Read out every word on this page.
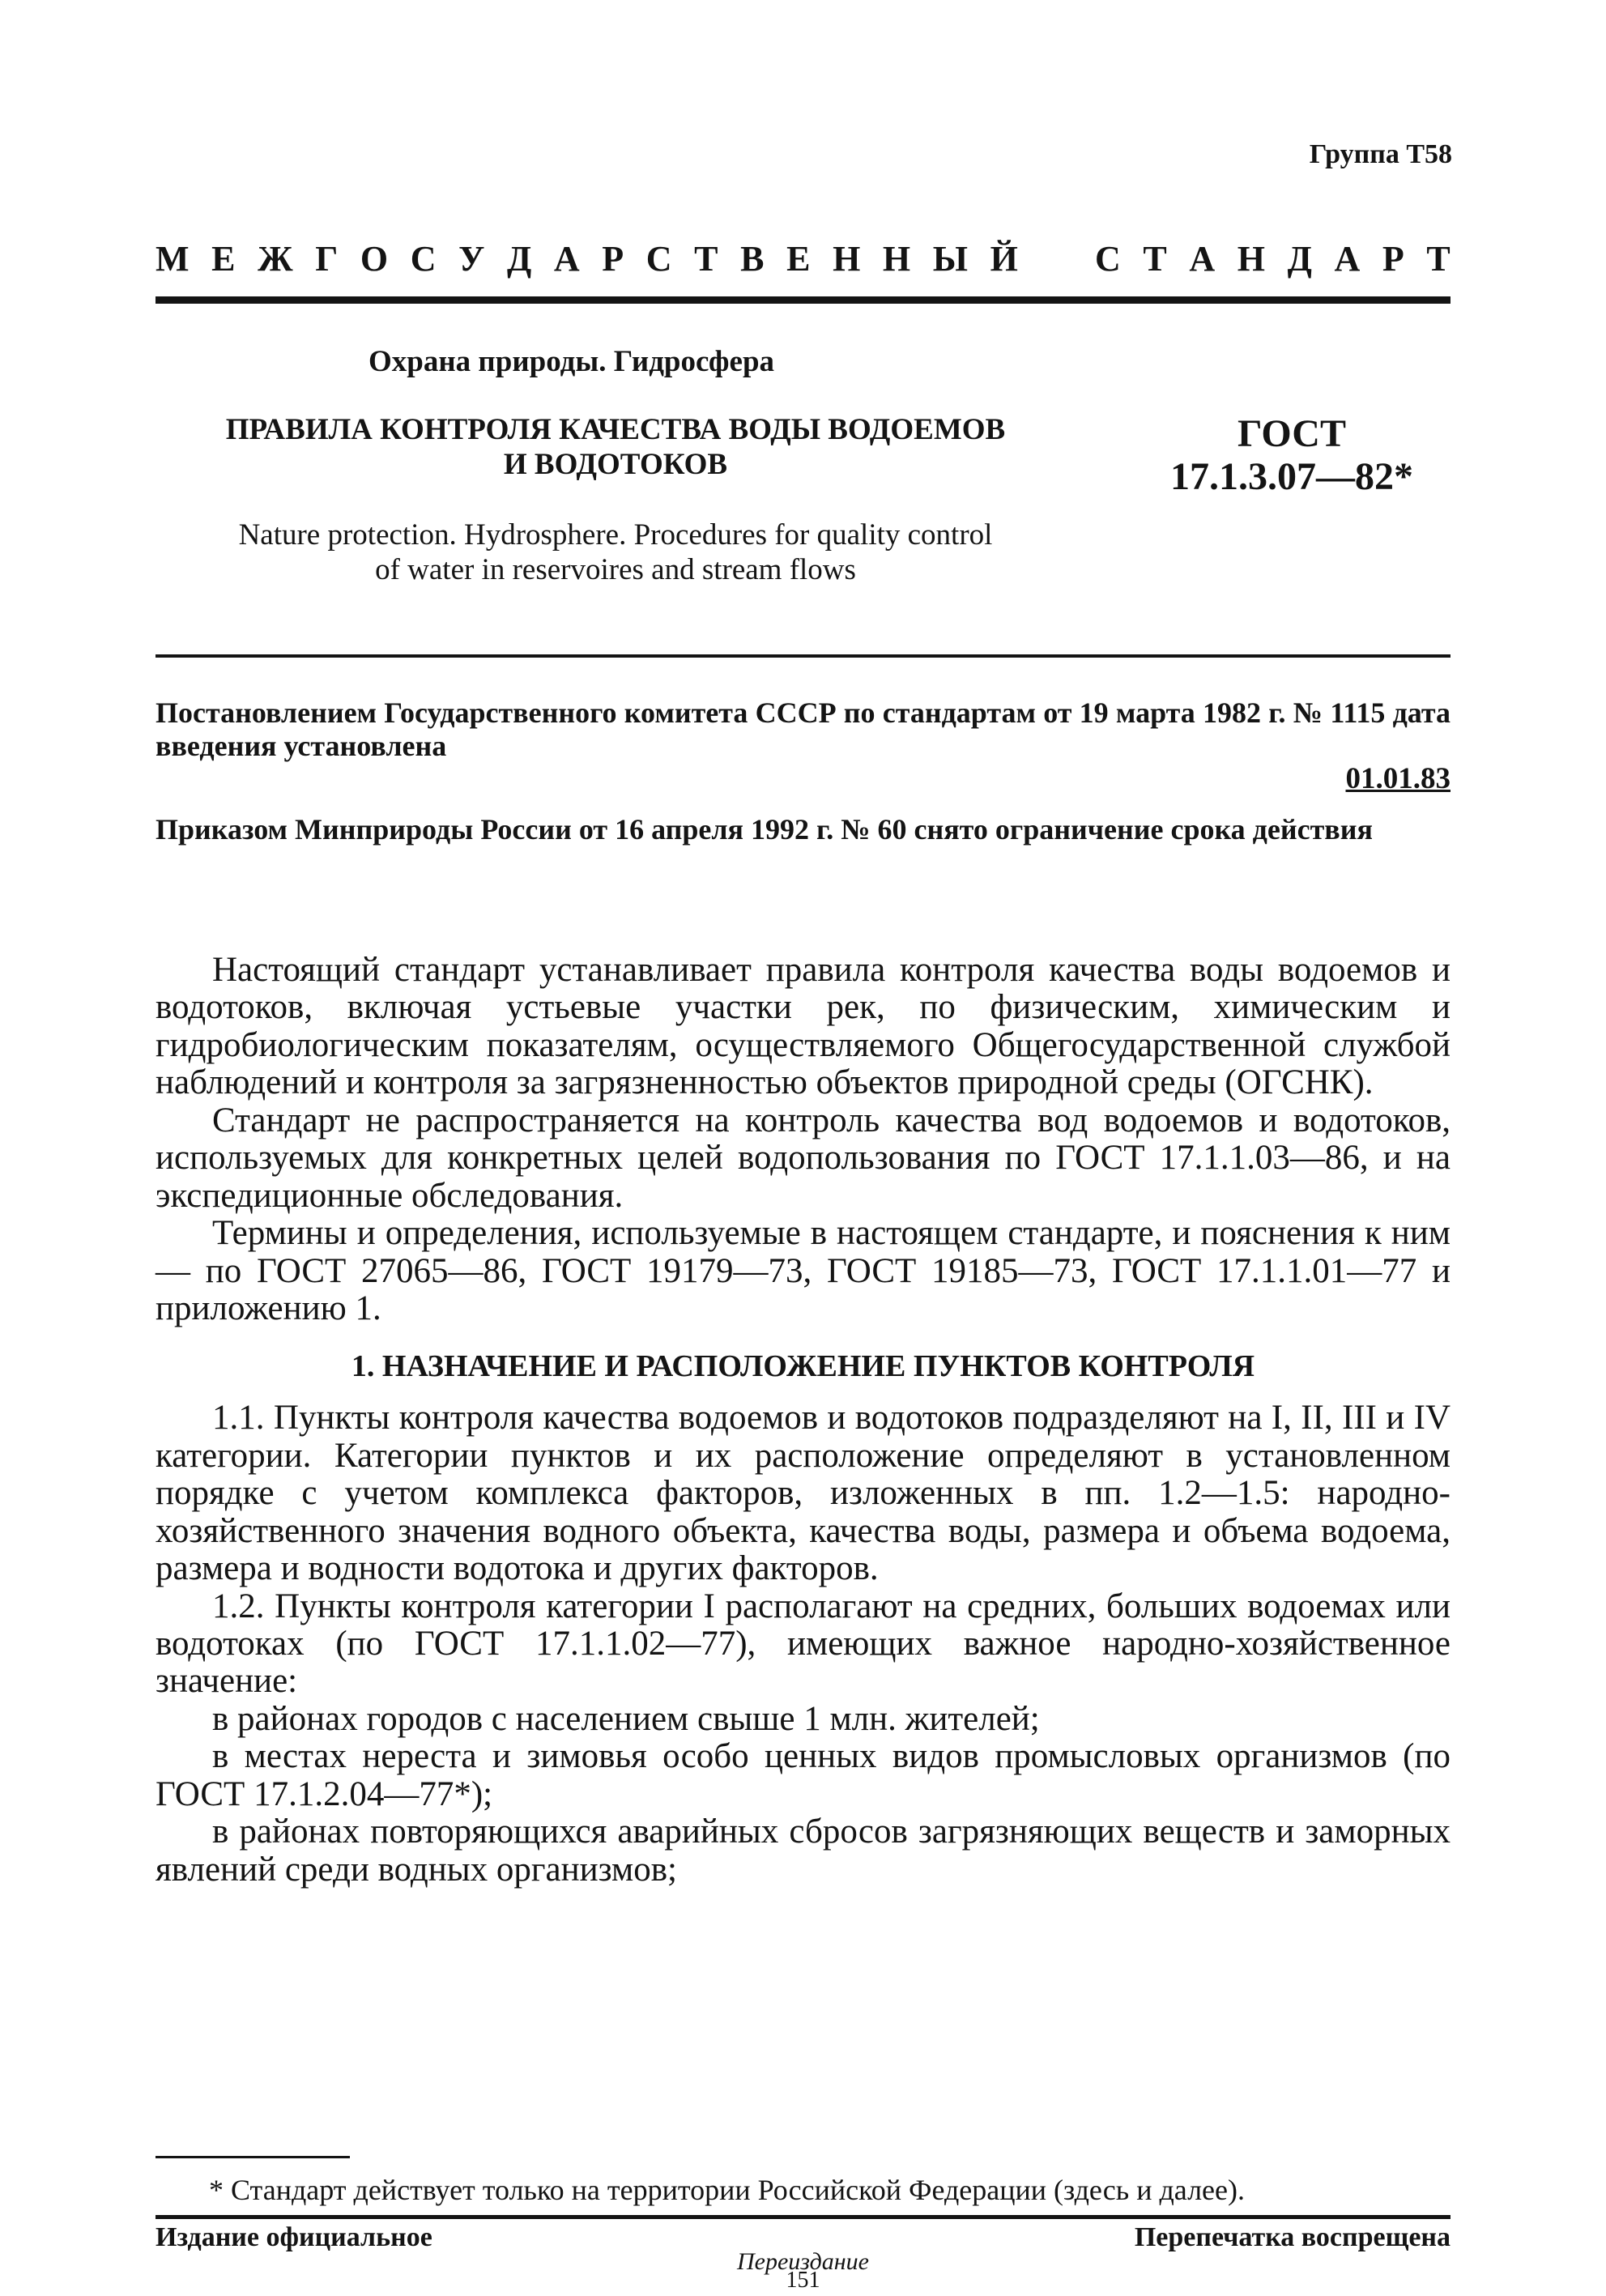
Группа Т58
М Е Ж Г О С У Д А Р С Т В Е Н Н Ы Й С Т А Н Д А Р Т
Охрана природы. Гидросфера
ПРАВИЛА КОНТРОЛЯ КАЧЕСТВА ВОДЫ ВОДОЕМОВ
И ВОДОТОКОВ
ГОСТ
17.1.3.07—82*
Nature protection. Hydrosphere. Procedures for quality control
of water in reservoires and stream flows
Постановлением Государственного комитета СССР по стандартам от 19 марта 1982 г. № 1115 дата введения установлена
01.01.83
Приказом Минприроды России от 16 апреля 1992 г. № 60 снято ограничение срока действия

Настоящий стандарт устанавливает правила контроля качества воды водоемов и водотоков, включая устьевые участки рек, по физическим, химическим и гидробиологическим показателям, осуществляемого Общегосударственной службой наблюдений и контроля за загрязненностью объектов природной среды (ОГСНК).

Стандарт не распространяется на контроль качества вод водоемов и водотоков, используемых для конкретных целей водопользования по ГОСТ 17.1.1.03—86, и на экспедиционные обследования.

Термины и определения, используемые в настоящем стандарте, и пояснения к ним — по ГОСТ 27065—86, ГОСТ 19179—73, ГОСТ 19185—73, ГОСТ 17.1.1.01—77 и приложению 1.

1. НАЗНАЧЕНИЕ И РАСПОЛОЖЕНИЕ ПУНКТОВ КОНТРОЛЯ

1.1. Пункты контроля качества водоемов и водотоков подразделяют на I, II, III и IV категории. Категории пунктов и их расположение определяют в установленном порядке с учетом комплекса факторов, изложенных в пп. 1.2—1.5: народно-хозяйственного значения водного объекта, качества воды, размера и объема водоема, размера и водности водотока и других факторов.

1.2. Пункты контроля категории I располагают на средних, больших водоемах или водотоках (по ГОСТ 17.1.1.02—77), имеющих важное народно-хозяйственное значение:

в районах городов с населением свыше 1 млн. жителей;

в местах нереста и зимовья особо ценных видов промысловых организмов (по ГОСТ 17.1.2.04—77*);

в районах повторяющихся аварийных сбросов загрязняющих веществ и заморных явлений среди водных организмов;

* Стандарт действует только на территории Российской Федерации (здесь и далее).
Издание официальное	Перепечатка воспрещена
Переиздание
151
